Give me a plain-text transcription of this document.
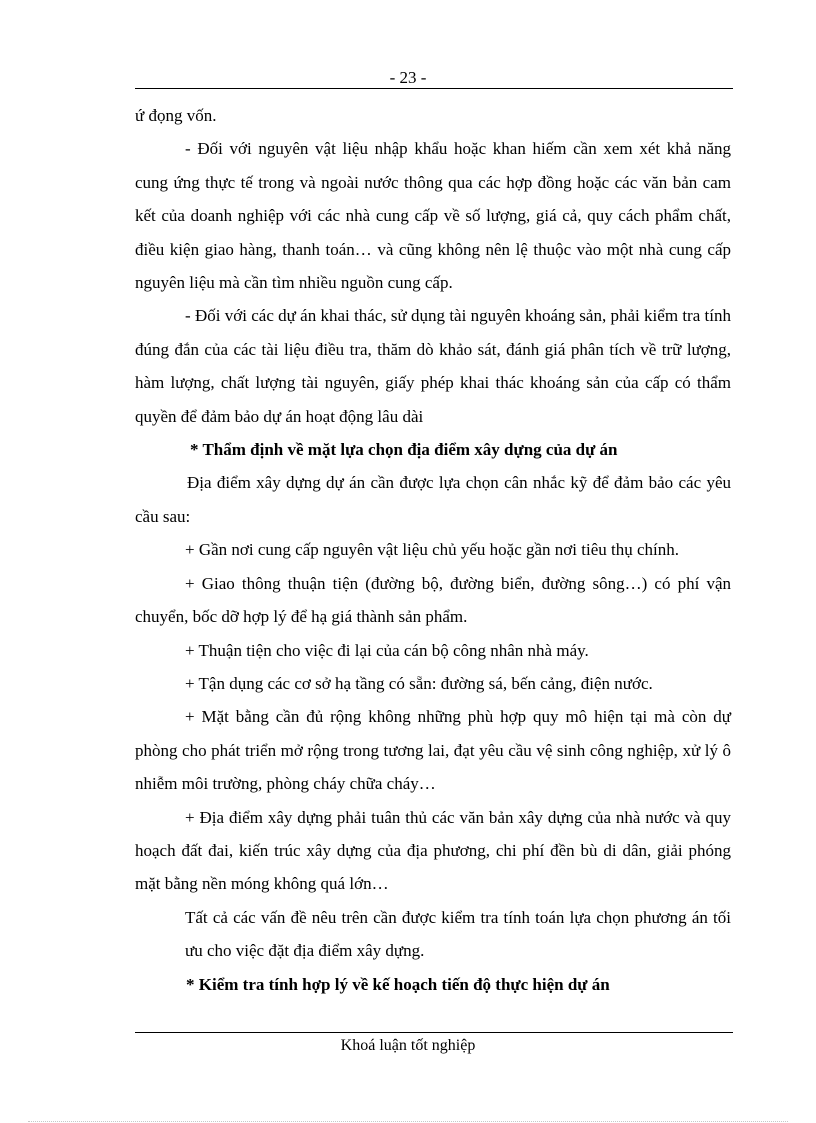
- 23 -

ứ đọng vốn.

- Đối với nguyên vật liệu nhập khẩu hoặc khan hiếm cần xem xét khả năng cung ứng thực tế trong và ngoài nước thông qua các hợp đồng hoặc các văn bản cam kết của doanh nghiệp với các nhà cung cấp về số lượng, giá cả, quy cách phẩm chất, điều kiện giao hàng, thanh toán… và cũng không nên lệ thuộc vào một nhà cung cấp nguyên liệu mà cần tìm nhiều nguồn cung cấp.

- Đối với các dự án khai thác, sử dụng tài nguyên khoáng sản, phải kiểm tra tính đúng đắn của các tài liệu điều tra, thăm dò khảo sát, đánh giá phân tích về trữ lượng, hàm lượng, chất lượng tài nguyên, giấy phép khai thác khoáng sản của cấp có thẩm quyền để đảm bảo dự án hoạt động lâu dài

* Thẩm định về mặt lựa chọn địa điểm xây dựng của dự án

Địa điểm xây dựng dự án cần được lựa chọn cân nhắc kỹ để đảm bảo các yêu cầu sau:

+ Gần nơi cung cấp nguyên vật liệu chủ yếu hoặc gần nơi tiêu thụ chính.

+ Giao thông thuận tiện (đường bộ, đường biển, đường sông…) có phí vận chuyển, bốc dỡ hợp lý để hạ giá thành sản phẩm.

+ Thuận tiện cho việc đi lại của cán bộ công nhân nhà máy.

+ Tận dụng các cơ sở hạ tầng có sẵn: đường sá, bến cảng, điện nước.

+ Mặt bằng cần đủ rộng không những phù hợp quy mô hiện tại mà còn dự phòng cho phát triển mở rộng trong tương lai, đạt yêu cầu vệ sinh công nghiệp, xử lý ô nhiễm môi trường, phòng cháy chữa cháy…

+ Địa điểm xây dựng phải tuân thủ các văn bản xây dựng của nhà nước và quy hoạch đất đai, kiến trúc xây dựng của địa phương, chi phí đền bù di dân, giải phóng mặt bằng nền móng không quá lớn…

Tất cả các vấn đề nêu trên cần được kiểm tra tính toán lựa chọn phương án tối ưu cho việc đặt địa điểm xây dựng.

* Kiểm tra tính hợp lý về kế hoạch tiến độ thực hiện dự án

Khoá luận tốt nghiệp
